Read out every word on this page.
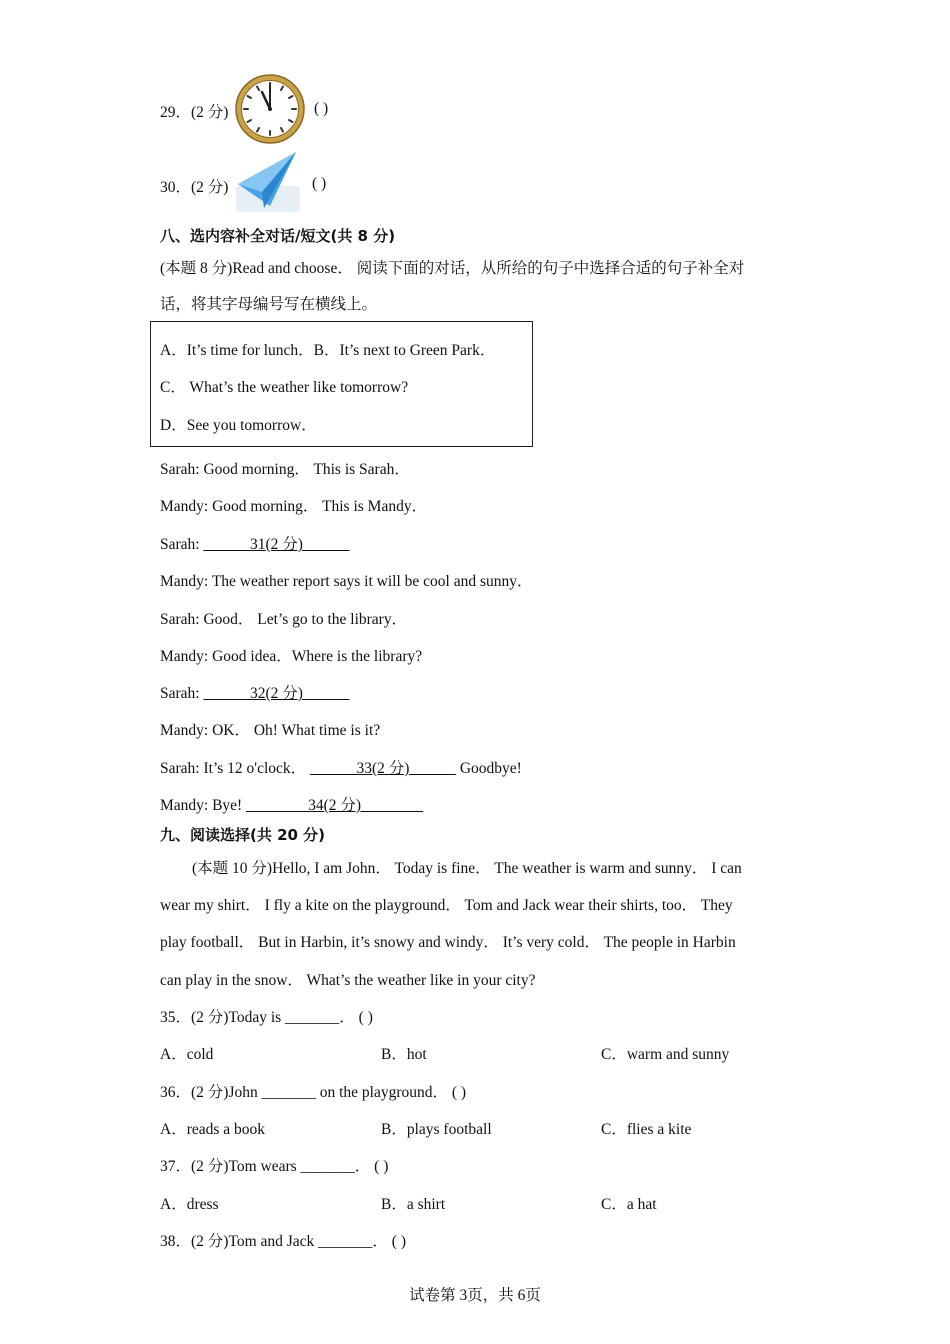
29．(2 分)	( )
30．(2 分)	( )
八、选内容补全对话/短文(共 8 分)
(本题 8 分)Read and choose． 阅读下面的对话，从所给的句子中选择合适的句子补全对
话，将其字母编号写在横线上。
A．It’s time for lunch．B．It’s next to Green Park．
C． What’s the weather like tomorrow?
D．See you tomorrow．
Sarah: Good morning． This is Sarah．
Mandy: Good morning． This is Mandy．
Sarah: ______31(2 分)______
Mandy: The weather report says it will be cool and sunny．
Sarah: Good． Let’s go to the library．
Mandy: Good idea．Where is the library?
Sarah: ______32(2 分)______
Mandy: OK． Oh! What time is it?
Sarah: It’s 12 o'clock． ______33(2 分)______ Goodbye!
Mandy: Bye! ________34(2 分)________
九、阅读选择(共 20 分)
(本题 10 分)Hello, I am John． Today is fine． The weather is warm and sunny． I can
wear my shirt． I fly a kite on the playground． Tom and Jack wear their shirts, too． They
play football． But in Harbin, it’s snowy and windy． It’s very cold． The people in Harbin
can play in the snow． What’s the weather like in your city?
35．(2 分)Today is _______． ( )
A．cold	B．hot	C．warm and sunny
36．(2 分)John _______ on the playground． ( )
A．reads a book	B．plays football	C．flies a kite
37．(2 分)Tom wears _______． ( )
A．dress	B．a shirt	C．a hat
38．(2 分)Tom and Jack _______． ( )
试卷第 3页，共 6页
